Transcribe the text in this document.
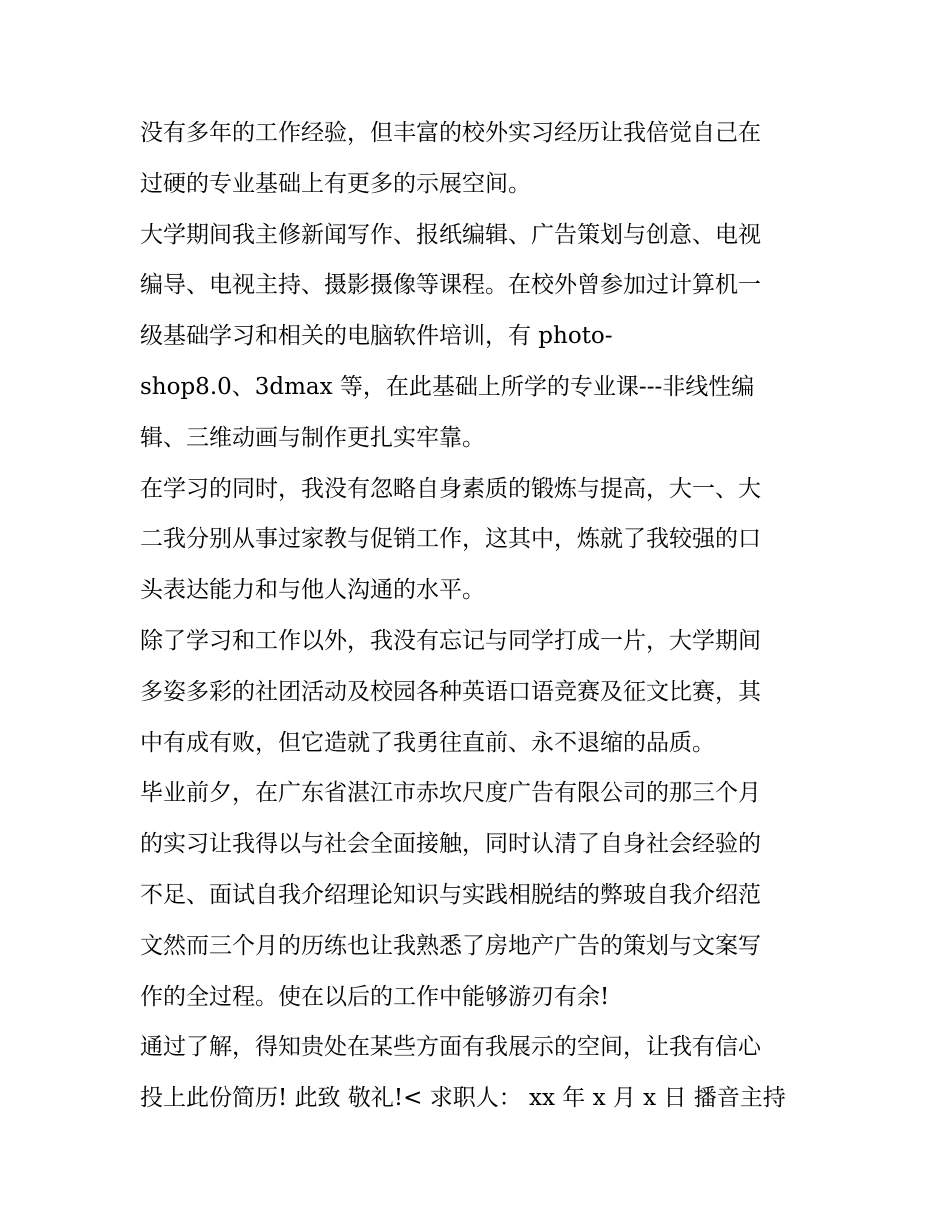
没有多年的工作经验，但丰富的校外实习经历让我倍觉自己在
过硬的专业基础上有更多的示展空间。
大学期间我主修新闻写作、报纸编辑、广告策划与创意、电视
编导、电视主持、摄影摄像等课程。在校外曾参加过计算机一
级基础学习和相关的电脑软件培训，有 photo-
shop8.0、3dmax 等，在此基础上所学的专业课---非线性编
辑、三维动画与制作更扎实牢靠。
在学习的同时，我没有忽略自身素质的锻炼与提高，大一、大
二我分别从事过家教与促销工作，这其中，炼就了我较强的口
头表达能力和与他人沟通的水平。
除了学习和工作以外，我没有忘记与同学打成一片，大学期间
多姿多彩的社团活动及校园各种英语口语竞赛及征文比赛，其
中有成有败，但它造就了我勇往直前、永不退缩的品质。
毕业前夕，在广东省湛江市赤坎尺度广告有限公司的那三个月
的实习让我得以与社会全面接触，同时认清了自身社会经验的
不足、面试自我介绍理论知识与实践相脱结的弊玻自我介绍范
文然而三个月的历练也让我熟悉了房地产广告的策划与文案写
作的全过程。使在以后的工作中能够游刃有余!
通过了解，得知贵处在某些方面有我展示的空间，让我有信心
投上此份简历! 此致 敬礼!< 求职人： xx 年 x 月 x 日 播音主持
